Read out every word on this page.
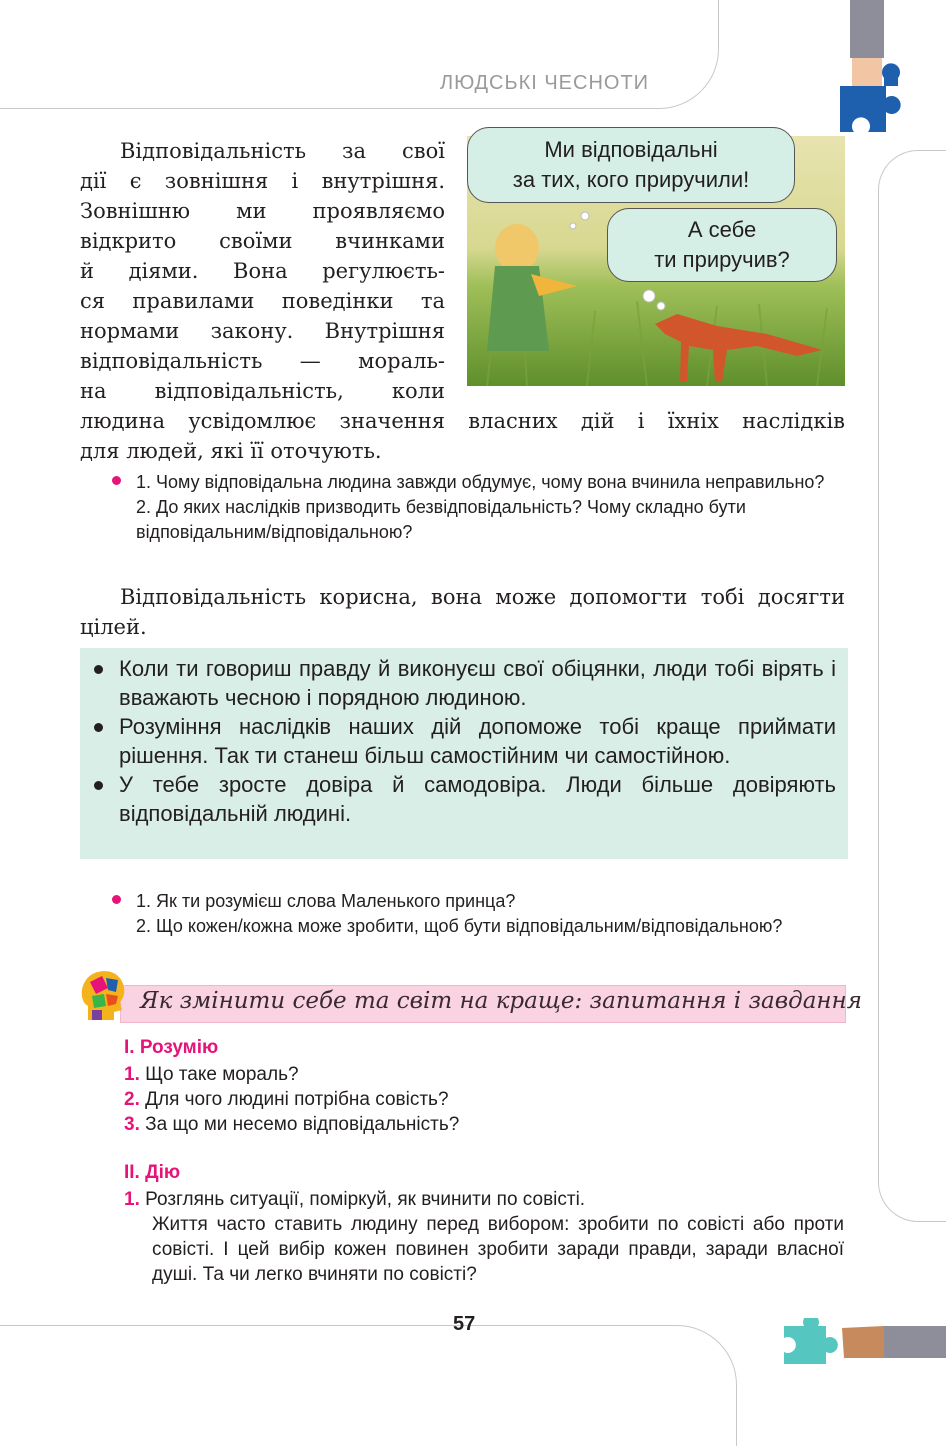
ЛЮДСЬКІ ЧЕСНОТИ
Ми відповідальні
за тих, кого приручили!
А себе
ти приручив?
Відповідальність за свої
дії є зовнішня і внутрішня.
Зовнішню ми проявляємо
відкрито своїми вчинками
й діями. Вона регулюєть-
ся правилами поведінки та
нормами закону. Внутрішня
відповідальність — мораль-
на відповідальність, коли
людина усвідомлює значення власних дій і їхніх наслідків
для людей, які її оточують.
1. Чому відповідальна людина завжди обдумує, чому вона вчинила неправильно?
2. До яких наслідків призводить безвідповідальність? Чому складно бути відповідальним/відповідальною?
Відповідальність корисна, вона може допомогти тобі досягти цілей.
Коли ти говориш правду й виконуєш свої обіцянки, люди тобі вірять і вважають чесною і порядною людиною.
Розуміння наслідків наших дій допоможе тобі краще приймати рішення. Так ти станеш більш самостійним чи самостійною.
У тебе зросте довіра й самодовіра. Люди більше довіряють відповідальній людині.
1. Як ти розумієш слова Маленького принца?
2. Що кожен/кожна може зробити, щоб бути відповідальним/відповідальною?
Як змінити себе та світ на краще: запитання і завдання
І. Розумію
1. Що таке мораль?
2. Для чого людині потрібна совість?
3. За що ми несемо відповідальність?
ІІ. Дію
1. Розглянь ситуації, поміркуй, як вчинити по совісті.
Життя часто ставить людину перед вибором: зробити по совісті або проти совісті. І цей вибір кожен повинен зробити заради правди, заради власної душі. Та чи легко вчиняти по совісті?
57
